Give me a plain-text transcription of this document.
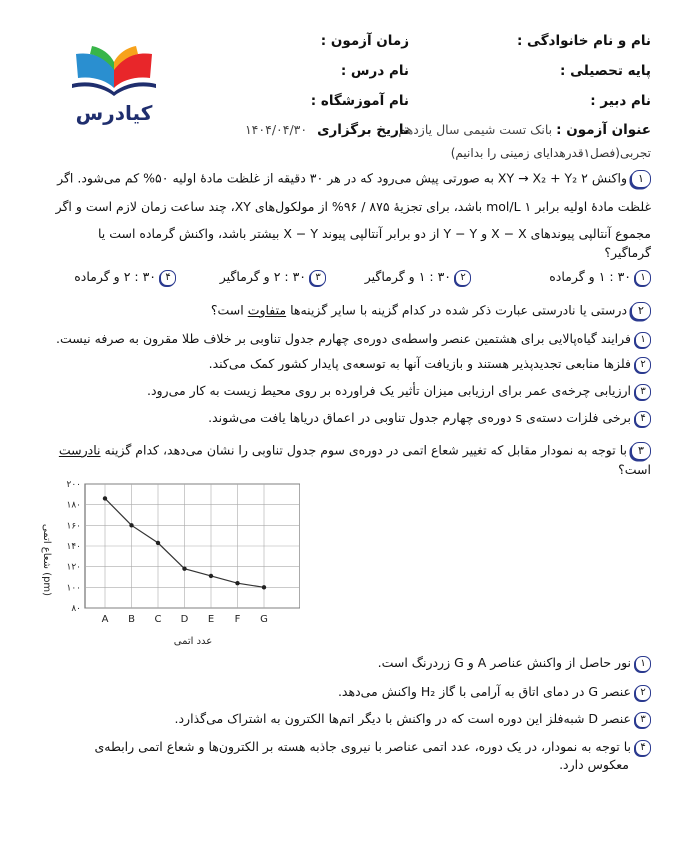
نام و نام خانوادگی :
زمان آزمون :
پایه تحصیلی :
نام درس :
نام دبیر :
نام آموزشگاه :
عنوان آزمون : بانک تست شیمی سال یازدهم
تاریخ برگزاری ۱۴۰۴/۰۴/۳۰
تجربی(فصل۱قدرهدایای زمینی را بدانیم)
کیادرس
۱ واکنش XY → X₂ + Y₂ ۲ به صورتی پیش می‌رود که در هر ۳۰ دقیقه از غلظت مادهٔ اولیه ۵۰% کم می‌شود. اگر
غلظت مادهٔ اولیه برابر mol/L ۱ باشد، برای تجزیهٔ ۸۷۵ / ۹۶% از مولکول‌های XY، چند ساعت زمان لازم است و اگر
مجموع آنتالپی پیوندهای X − X و Y − Y از دو برابر آنتالپی پیوند X − Y بیشتر باشد، واکنش گرماده است یا
گرماگیر؟
۱ ۳۰ : ۱ و گرماده
۲ ۳۰ : ۱ و گرماگیر
۳ ۳۰ : ۲ و گرماگیر
۴ ۳۰ : ۲ و گرماده
۲ درستی یا نادرستی عبارت ذکر شده در کدام گزینه با سایر گزینه‌ها متفاوت است؟
۱ فرایند گیاه‌پالایی برای هشتمین عنصر واسطه‌ی دوره‌ی چهارم جدول تناوبی بر خلاف طلا مقرون به صرفه نیست.
۲ فلزها منابعی تجدیدپذیر هستند و بازیافت آنها به توسعه‌ی پایدار کشور کمک می‌کند.
۳ ارزیابی چرخه‌ی عمر برای ارزیابی میزان تأثیر یک فراورده بر روی محیط زیست به کار می‌رود.
۴ برخی فلزات دسته‌ی s دوره‌ی چهارم جدول تناوبی در اعماق دریاها یافت می‌شوند.
۳ با توجه به نمودار مقابل که تغییر شعاع اتمی در دوره‌ی سوم جدول تناوبی را نشان می‌دهد، کدام گزینه نادرست
است؟
۸۰
۱۰۰
۱۲۰
۱۴۰
۱۶۰
۱۸۰
۲۰۰
A B C D E F G
شعاع اتمی (pm)
عدد اتمی
۱ نور حاصل از واکنش عناصر A و G زردرنگ است.
۲ عنصر G در دمای اتاق به آرامی با گاز H₂ واکنش می‌دهد.
۳ عنصر D شبه‌فلز این دوره است که در واکنش با دیگر اتم‌ها الکترون به اشتراک می‌گذارد.
۴ با توجه به نمودار، در یک دوره، عدد اتمی عناصر با نیروی جاذبه هسته بر الکترون‌ها و شعاع اتمی رابطه‌ی
معکوس دارد.
